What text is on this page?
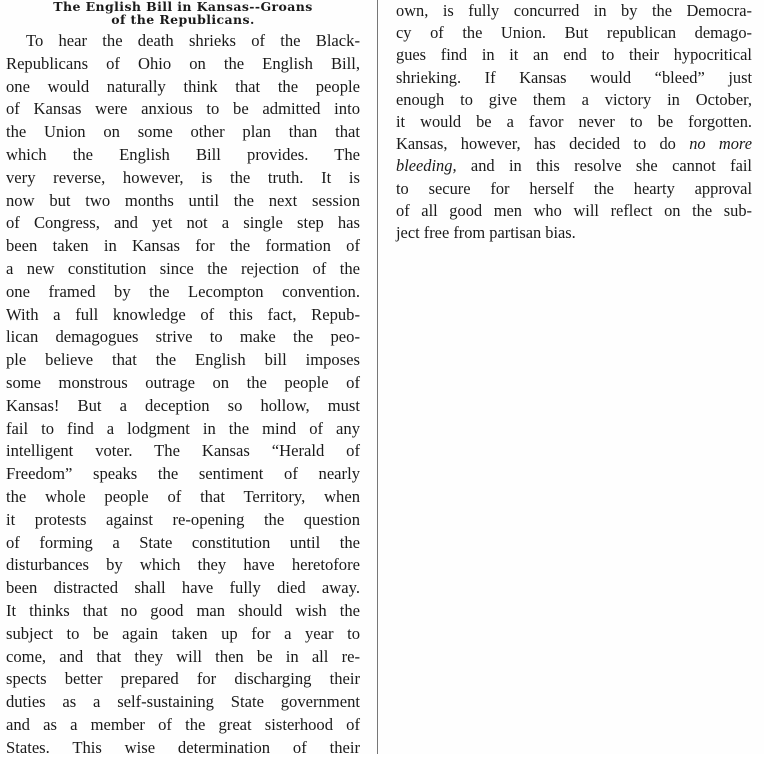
The English Bill in Kansas--Groans
of the Republicans.
To hear the death shrieks of the Black-
Republicans of Ohio on the English Bill,
one would naturally think that the people
of Kansas were anxious to be admitted into
the Union on some other plan than that
which the English Bill provides. The
very reverse, however, is the truth. It is
now but two months until the next session
of Congress, and yet not a single step has
been taken in Kansas for the formation of
a new constitution since the rejection of the
one framed by the Lecompton convention.
With a full knowledge of this fact, Repub-
lican demagogues strive to make the peo-
ple believe that the English bill imposes
some monstrous outrage on the people of
Kansas! But a deception so hollow, must
fail to find a lodgment in the mind of any
intelligent voter. The Kansas “Herald of
Freedom” speaks the sentiment of nearly
the whole people of that Territory, when
it protests against re-opening the question
of forming a State constitution until the
disturbances by which they have heretofore
been distracted shall have fully died away.
It thinks that no good man should wish the
subject to be again taken up for a year to
come, and that they will then be in all re-
spects better prepared for discharging their
duties as a self-sustaining State government
and as a member of the great sisterhood of
States. This wise determination of their
own, is fully concurred in by the Democra-
cy of the Union. But republican demago-
gues find in it an end to their hypocritical
shrieking. If Kansas would “bleed” just
enough to give them a victory in October,
it would be a favor never to be forgotten.
Kansas, however, has decided to do no more
bleeding, and in this resolve she cannot fail
to secure for herself the hearty approval
of all good men who will reflect on the sub-
ject free from partisan bias.
